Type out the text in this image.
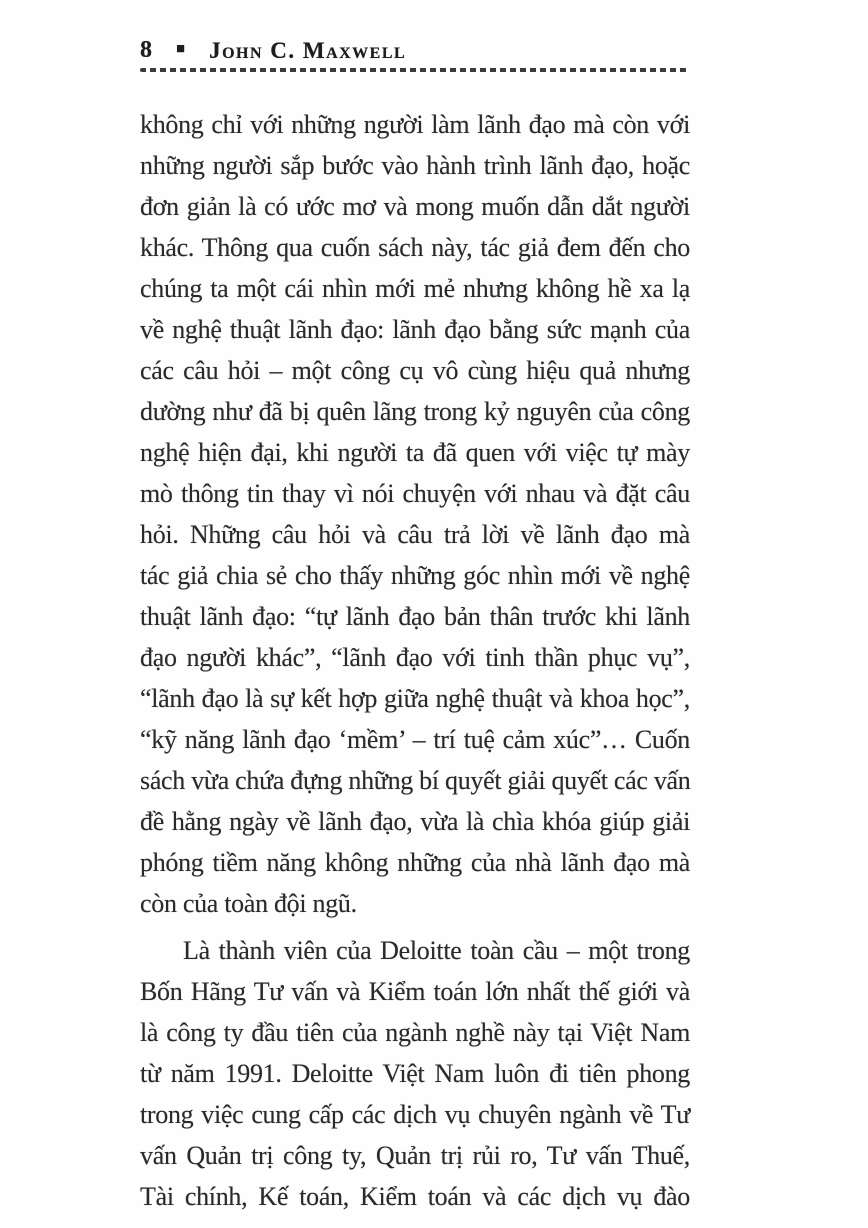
8 ■ John C. Maxwell
không chỉ với những người làm lãnh đạo mà còn với
những người sắp bước vào hành trình lãnh đạo, hoặc
đơn giản là có ước mơ và mong muốn dẫn dắt người
khác. Thông qua cuốn sách này, tác giả đem đến cho
chúng ta một cái nhìn mới mẻ nhưng không hề xa lạ
về nghệ thuật lãnh đạo: lãnh đạo bằng sức mạnh của
các câu hỏi – một công cụ vô cùng hiệu quả nhưng
dường như đã bị quên lãng trong kỷ nguyên của công
nghệ hiện đại, khi người ta đã quen với việc tự mày
mò thông tin thay vì nói chuyện với nhau và đặt câu
hỏi. Những câu hỏi và câu trả lời về lãnh đạo mà
tác giả chia sẻ cho thấy những góc nhìn mới về nghệ
thuật lãnh đạo: “tự lãnh đạo bản thân trước khi lãnh
đạo người khác”, “lãnh đạo với tinh thần phục vụ”,
“lãnh đạo là sự kết hợp giữa nghệ thuật và khoa học”,
“kỹ năng lãnh đạo ‘mềm’ – trí tuệ cảm xúc”… Cuốn
sách vừa chứa đựng những bí quyết giải quyết các vấn
đề hằng ngày về lãnh đạo, vừa là chìa khóa giúp giải
phóng tiềm năng không những của nhà lãnh đạo mà
còn của toàn đội ngũ.
Là thành viên của Deloitte toàn cầu – một trong
Bốn Hãng Tư vấn và Kiểm toán lớn nhất thế giới và
là công ty đầu tiên của ngành nghề này tại Việt Nam
từ năm 1991. Deloitte Việt Nam luôn đi tiên phong
trong việc cung cấp các dịch vụ chuyên ngành về Tư
vấn Quản trị công ty, Quản trị rủi ro, Tư vấn Thuế,
Tài chính, Kế toán, Kiểm toán và các dịch vụ đào
